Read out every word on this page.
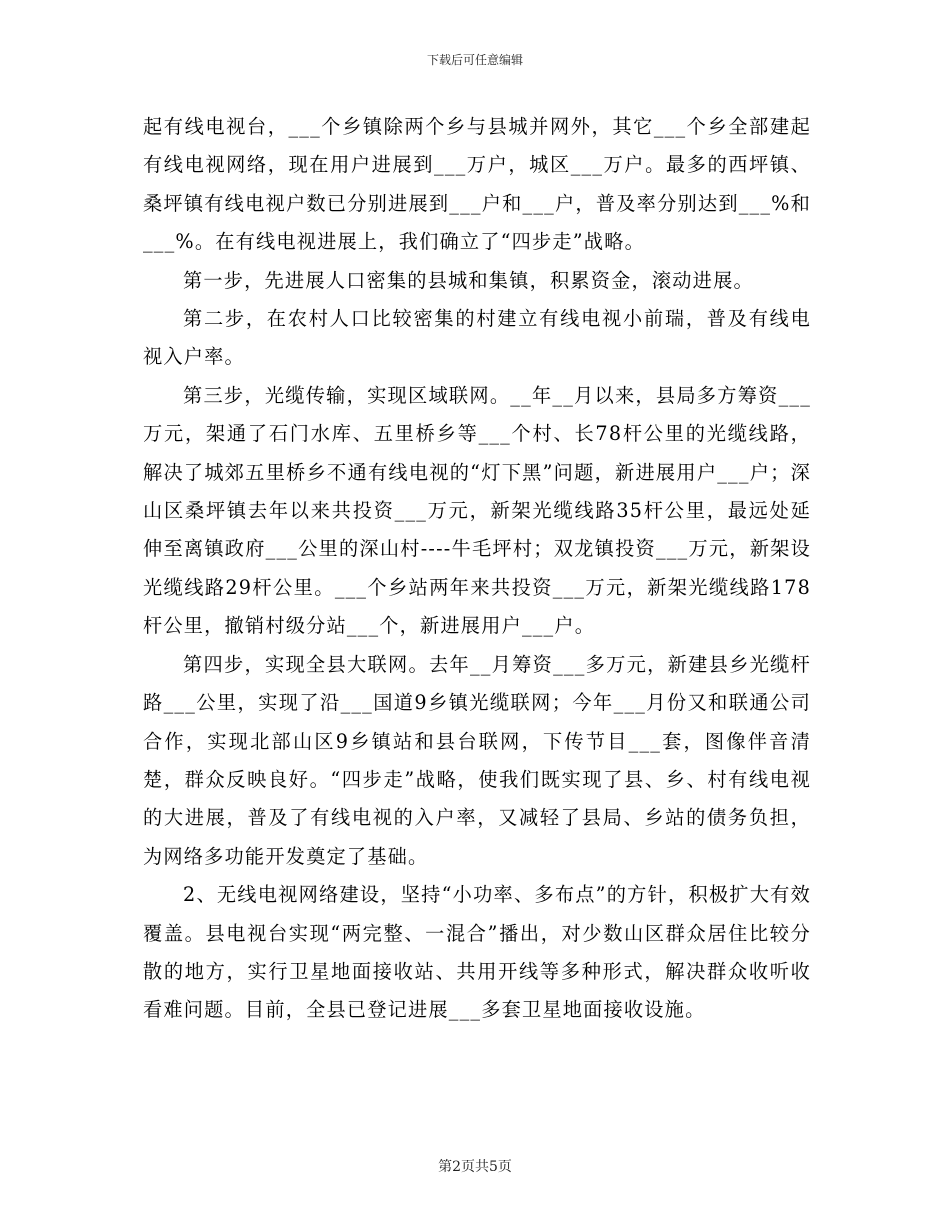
下载后可任意编辑

起有线电视台，___个乡镇除两个乡与县城并网外，其它___个乡全部建起有线电视网络，现在用户进展到___万户，城区___万户。最多的西坪镇、桑坪镇有线电视户数已分别进展到___户和___户，普及率分别达到___%和___%。在有线电视进展上，我们确立了“四步走”战略。

第一步，先进展人口密集的县城和集镇，积累资金，滚动进展。

第二步，在农村人口比较密集的村建立有线电视小前瑞，普及有线电视入户率。

第三步，光缆传输，实现区域联网。__年__月以来，县局多方筹资___万元，架通了石门水库、五里桥乡等___个村、长78杆公里的光缆线路，解决了城郊五里桥乡不通有线电视的“灯下黑”问题，新进展用户___户；深山区桑坪镇去年以来共投资___万元，新架光缆线路35杆公里，最远处延伸至离镇政府___公里的深山村----牛毛坪村；双龙镇投资___万元，新架设光缆线路29杆公里。___个乡站两年来共投资___万元，新架光缆线路178杆公里，撤销村级分站___个，新进展用户___户。

第四步，实现全县大联网。去年__月筹资___多万元，新建县乡光缆杆路___公里，实现了沿___国道9乡镇光缆联网；今年___月份又和联通公司合作，实现北部山区9乡镇站和县台联网，下传节目___套，图像伴音清楚，群众反映良好。“四步走”战略，使我们既实现了县、乡、村有线电视的大进展，普及了有线电视的入户率，又减轻了县局、乡站的债务负担，为网络多功能开发奠定了基础。

2、无线电视网络建设，坚持“小功率、多布点”的方针，积极扩大有效覆盖。县电视台实现“两完整、一混合”播出，对少数山区群众居住比较分散的地方，实行卫星地面接收站、共用开线等多种形式，解决群众收听收看难问题。目前，全县已登记进展___多套卫星地面接收设施。

第2页共5页
